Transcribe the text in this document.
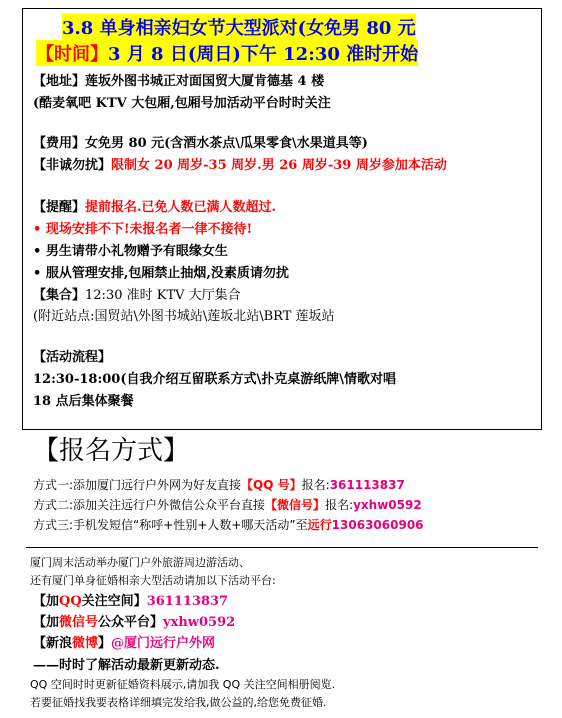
3.8 单身相亲妇女节大型派对(女免男 80 元
【时间】3 月 8 日(周日)下午 12:30 准时开始
【地址】莲坂外图书城正对面国贸大厦肯德基 4 楼
(酷麦氧吧 KTV 大包厢,包厢号加活动平台时时关注
【费用】女免男 80 元(含酒水茶点\瓜果零食\水果道具等)
【非诚勿扰】限制女 20 周岁-35 周岁.男 26 周岁-39 周岁参加本活动
【提醒】提前报名.已免人数已满人数超过.
• 现场安排不下!未报名者一律不接待!
• 男生请带小礼物赠予有眼缘女生
• 服从管理安排,包厢禁止抽烟,没素质请勿扰
【集合】12:30 准时 KTV 大厅集合
(附近站点:国贸站\外图书城站\莲坂北站\BRT 莲坂站
【活动流程】
12:30-18:00(自我介绍互留联系方式\扑克桌游纸牌\情歌对唱
18 点后集体聚餐
【报名方式】
方式一:添加厦门远行户外网为好友直接【QQ 号】报名:361113837
方式二:添加关注远行户外微信公众平台直接【微信号】报名:yxhw0592
方式三:手机发短信“称呼+性别+人数+哪天活动”至远行13063060906
厦门周末活动举办厦门户外旅游周边游活动、
还有厦门单身征婚相亲大型活动请加以下活动平台:
【加QQ关注空间】361113837
【加微信号公众平台】yxhw0592
【新浪微博】@厦门远行户外网
——时时了解活动最新更新动态.
QQ 空间时时更新征婚资料展示,请加我 QQ 关注空间相册阅览.
若要征婚找我要表格详细填完发给我,做公益的,给您免费征婚.
